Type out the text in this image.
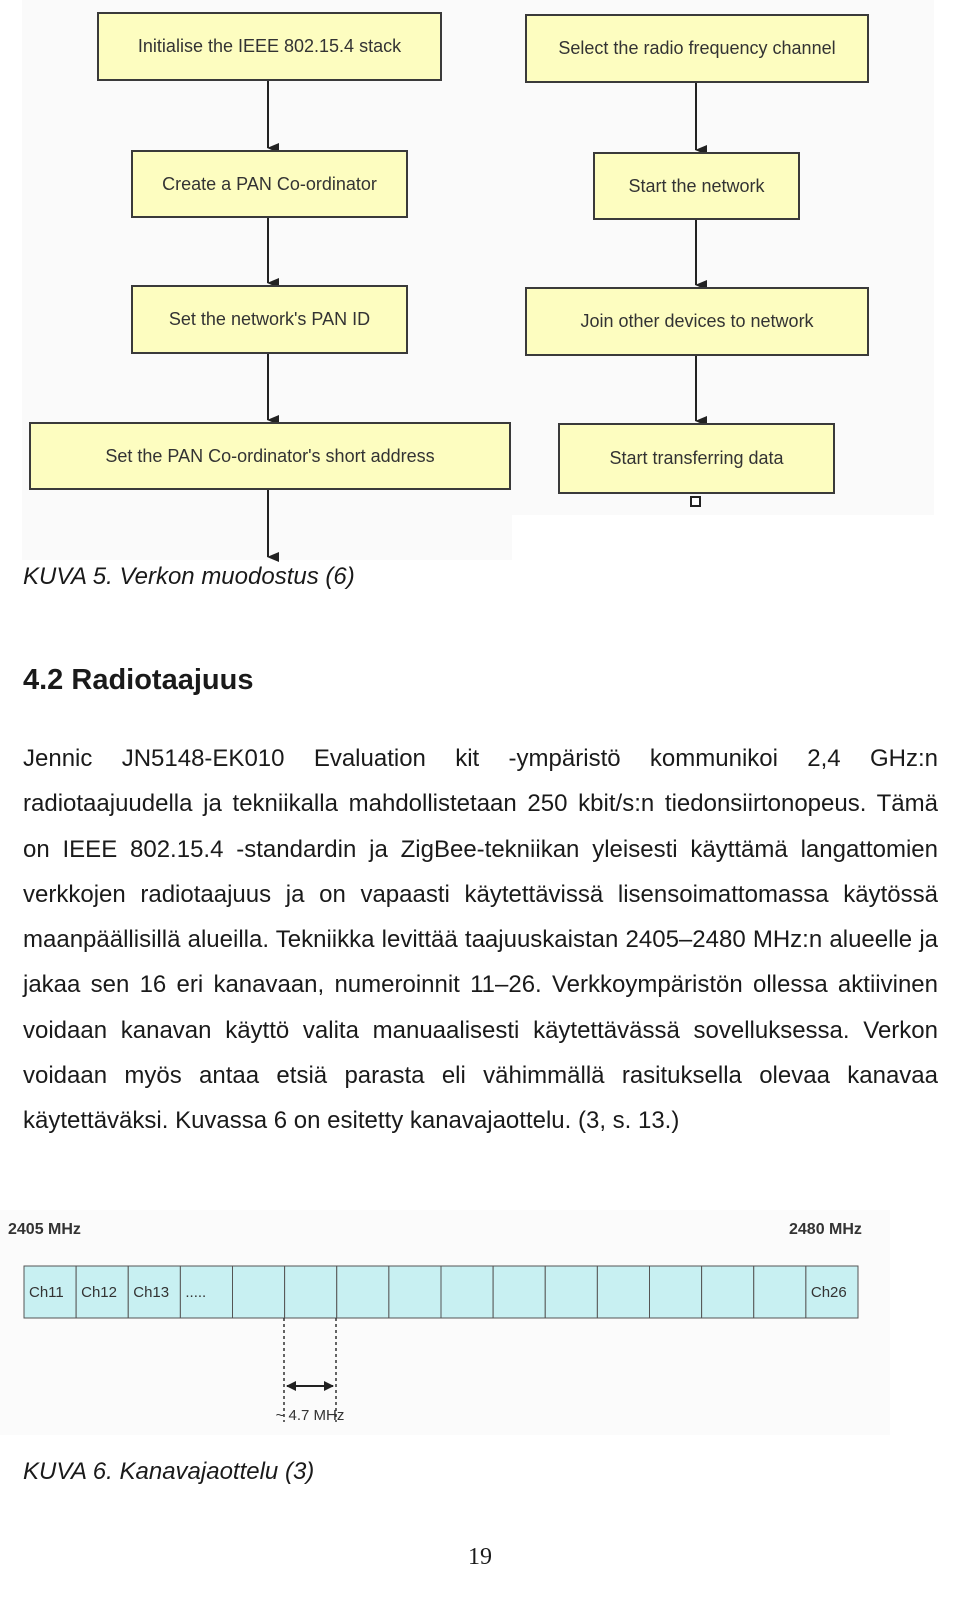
Initialise the IEEE 802.15.4 stack
Create a PAN Co-ordinator
Set the network's PAN ID
Set the PAN Co-ordinator's short address
Select the radio frequency channel
Start the network
Join other devices to network
Start transferring data

KUVA 5. Verkon muodostus (6)

4.2 Radiotaajuus

Jennic JN5148-EK010 Evaluation kit -ympäristö kommunikoi 2,4 GHz:n radiotaajuudella ja tekniikalla mahdollistetaan 250 kbit/s:n tiedonsiirtonopeus. Tämä on IEEE 802.15.4 -standardin ja ZigBee-tekniikan yleisesti käyttämä langattomien verkkojen radiotaajuus ja on vapaasti käytettävissä lisensoimattomassa käytössä maanpäällisillä alueilla. Tekniikka levittää taajuuskaistan 2405–2480 MHz:n alueelle ja jakaa sen 16 eri kanavaan, numeroinnit 11–26. Verkkoympäristön ollessa aktiivinen voidaan kanavan käyttö valita manuaalisesti käytettävässä sovelluksessa. Verkon voidaan myös antaa etsiä parasta eli vähimmällä rasituksella olevaa kanavaa käytettäväksi. Kuvassa 6 on esitetty kanavajaottelu. (3, s. 13.)

Ch11 Ch12 Ch13 .....	Ch26
~ 4.7 MHz

2405 MHz	2480 MHz

KUVA 6. Kanavajaottelu (3)

19
